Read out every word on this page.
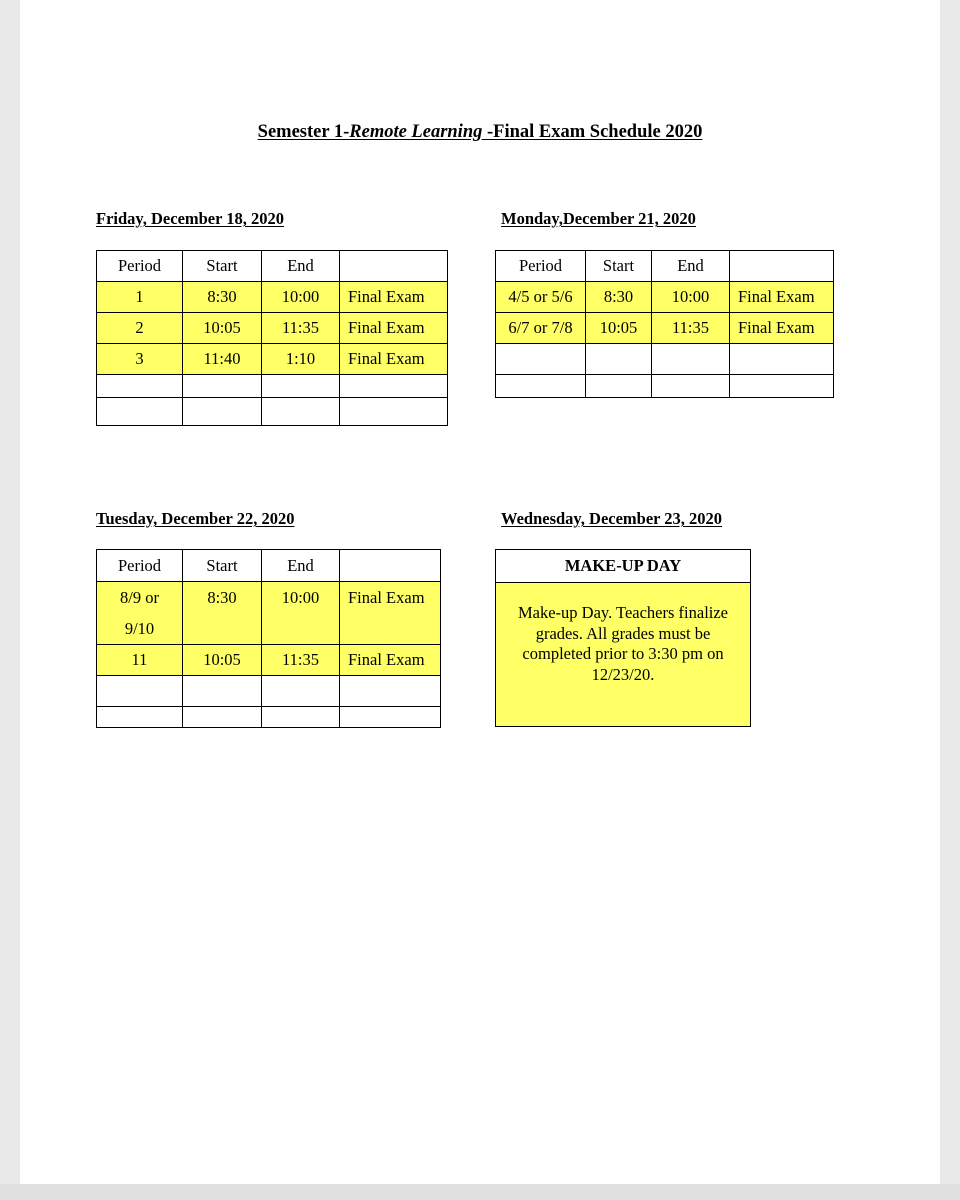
Semester 1-Remote Learning -Final Exam Schedule 2020
Friday, December 18, 2020
Period	Start	End	
1	8:30	10:00	Final Exam
2	10:05	11:35	Final Exam
3	11:40	1:10	Final Exam

Monday,December 21, 2020
Period	Start	End	
4/5 or 5/6	8:30	10:00	Final Exam
6/7 or 7/8	10:05	11:35	Final Exam

Tuesday, December 22, 2020
Period	Start	End	

8/9 or 9/10	8:30	10:00	Final Exam
11	10:05	11:35	Final Exam

Wednesday, December 23, 2020
MAKE-UP DAY
Make-up Day. Teachers finalize grades. All grades must be completed prior to 3:30 pm on 12/23/20.
